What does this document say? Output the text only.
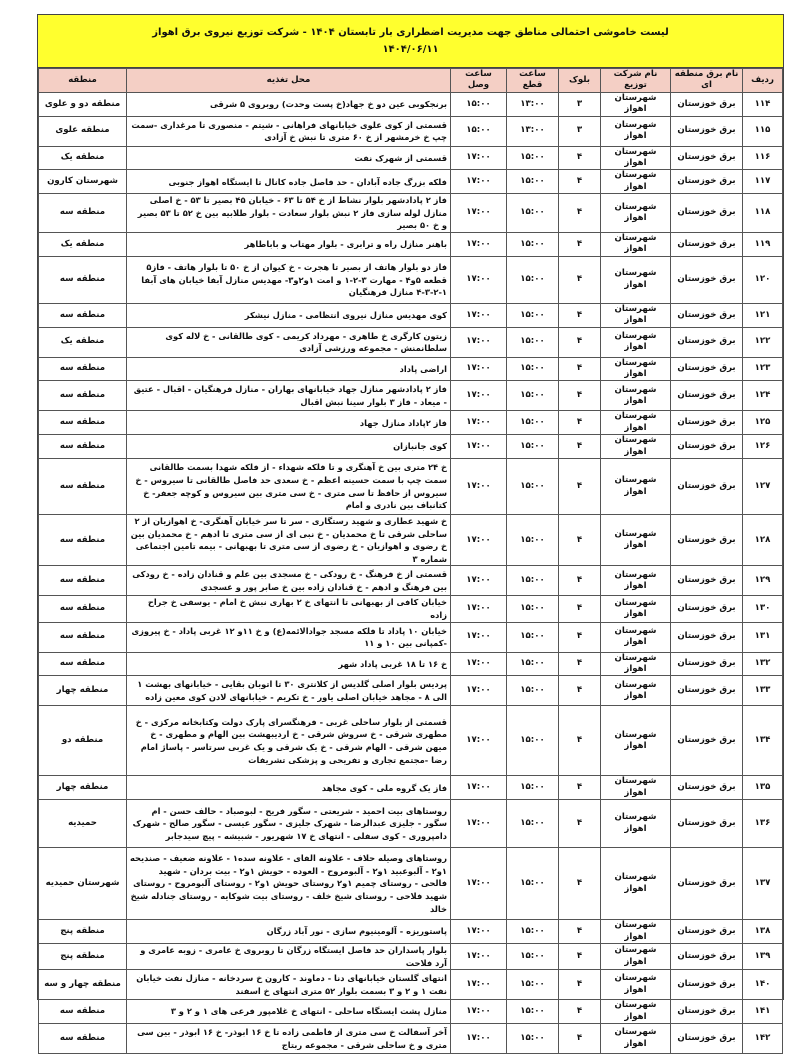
لیست خاموشی احتمالی مناطق جهت مدیریت اضطراری بار تابستان ۱۴۰۴ - شرکت توزیع نیروی برق اهواز
۱۴۰۴/۰۶/۱۱
ردیف	نام برق منطقه ای	نام شرکت توزیع	بلوک	ساعت قطع	ساعت وصل	محل تغذیه	منطقه
۱۱۴	برق خوزستان	شهرستان اهواز	۳	۱۳:۰۰	۱۵:۰۰	برنجکوبی عین دو خ جهاد(خ پست وحدت) روبروی ۵ شرقی	منطقه دو و علوی
۱۱۵	برق خوزستان	شهرستان اهواز	۳	۱۳:۰۰	۱۵:۰۰	قسمتی از کوی علوی خیابانهای فراهانی - شیتم - منصوری تا مرغداری -سمت چپ خ خرمشهر از خ ۶۰ متری تا نبش خ آزادی	منطقه علوی
۱۱۶	برق خوزستان	شهرستان اهواز	۴	۱۵:۰۰	۱۷:۰۰	قسمتی از شهرک نفت	منطقه یک
۱۱۷	برق خوزستان	شهرستان اهواز	۴	۱۵:۰۰	۱۷:۰۰	فلکه بزرگ جاده آبادان - حد فاصل جاده کانال تا ایستگاه اهواز جنوبی	شهرستان کارون
۱۱۸	برق خوزستان	شهرستان اهواز	۴	۱۵:۰۰	۱۷:۰۰	فاز ۲ پادادشهر بلوار نشاط از خ ۵۴ تا ۶۳ - خیابان ۴۵ بصیر تا ۵۳ - خ اصلی منازل لوله سازی فاز ۲ نبش بلوار سعادت - بلوار طلابیه بین خ ۵۲ تا ۵۳ بصیر و خ ۵۰ بصیر	منطقه سه
۱۱۹	برق خوزستان	شهرستان اهواز	۴	۱۵:۰۰	۱۷:۰۰	باهنر منازل راه و ترابری - بلوار مهتاب و باباطاهر	منطقه یک
۱۲۰	برق خوزستان	شهرستان اهواز	۴	۱۵:۰۰	۱۷:۰۰	فاز دو بلوار هاتف از بصیر تا هجرت - خ کیوان از خ ۵۰ تا بلوار هاتف - فاز۵ قطعه ۵و۴ - مهارت ۳-۲-۱ و امت ۱و۲و۳- مهدیس منازل آبفا خیابان های آبفا ۱-۲-۳-۴ منازل فرهنگیان	منطقه سه
۱۲۱	برق خوزستان	شهرستان اهواز	۴	۱۵:۰۰	۱۷:۰۰	کوی مهدیس منازل نیروی انتظامی - منازل نیشکر	منطقه سه
۱۲۲	برق خوزستان	شهرستان اهواز	۴	۱۵:۰۰	۱۷:۰۰	زیتون کارگری خ طاهری - مهرداد کریمی - کوی طالقانی - خ لاله کوی سلطانمنش - مجموعه ورزشی آزادی	منطقه یک
۱۲۳	برق خوزستان	شهرستان اهواز	۴	۱۵:۰۰	۱۷:۰۰	اراضی پاداد	منطقه سه
۱۲۴	برق خوزستان	شهرستان اهواز	۴	۱۵:۰۰	۱۷:۰۰	فاز ۲ پادادشهر منازل جهاد خیابانهای بهاران - منازل فرهنگیان - اقبال - عتیق - میعاد - فاز ۳ بلوار سینا نبش اقبال	منطقه سه
۱۲۵	برق خوزستان	شهرستان اهواز	۴	۱۵:۰۰	۱۷:۰۰	فاز ۲پاداد منازل جهاد	منطقه سه
۱۲۶	برق خوزستان	شهرستان اهواز	۴	۱۵:۰۰	۱۷:۰۰	کوی جانبازان	منطقه سه
۱۲۷	برق خوزستان	شهرستان اهواز	۴	۱۵:۰۰	۱۷:۰۰	خ ۲۴ متری بین خ آهنگری و تا فلکه شهداء - از فلکه شهدا بسمت طالقانی سمت چپ با سمت حسینه اعظم - خ سعدی حد فاصل طالقانی تا سیروس - خ سیروس از حافظ تا سی متری - خ سی متری بین سیروس و کوچه جعفر- خ کتانباف بین نادری و امام	منطقه سه
۱۲۸	برق خوزستان	شهرستان اهواز	۴	۱۵:۰۰	۱۷:۰۰	خ شهید عطاری و شهید رستگاری - سر تا سر خیابان آهنگری- خ اهوازیان از ۲ ساحلی شرقی تا خ محمدیان - خ نبی ای از سی متری تا ادهم - خ محمدیان بین خ رضوی و اهوازیان - خ رضوی از سی متری تا بهبهانی - بیمه تامین اجتماعی شماره ۳	منطقه سه
۱۲۹	برق خوزستان	شهرستان اهواز	۴	۱۵:۰۰	۱۷:۰۰	قسمتی از خ فرهنگ - خ رودکی - خ مسجدی بین علم و قنادان زاده - خ رودکی بین فرهنگ و ادهم - خ قنادان زاده بین خ صابر پور و عسجدی	منطقه سه
۱۳۰	برق خوزستان	شهرستان اهواز	۴	۱۵:۰۰	۱۷:۰۰	خیابان کافی از بهبهانی تا انتهای خ ۲ بهاری نبش خ امام - یوسفی خ جراح زاده	منطقه سه
۱۳۱	برق خوزستان	شهرستان اهواز	۴	۱۵:۰۰	۱۷:۰۰	خیابان ۱۰ پاداد تا فلکه مسجد جوادالائمه(ع) و خ ۱۱و ۱۲ غربی پاداد - خ پیروزی -کمپانی بین ۱۰ و ۱۱	منطقه سه
۱۳۲	برق خوزستان	شهرستان اهواز	۴	۱۵:۰۰	۱۷:۰۰	خ ۱۶ تا ۱۸ غربی پاداد شهر	منطقه سه
۱۳۳	برق خوزستان	شهرستان اهواز	۴	۱۵:۰۰	۱۷:۰۰	پردیس بلوار اصلی گلدیس از کلانتری ۳۰ تا اتوبان بقایی - خیابانهای بهشت ۱ الی ۸ - مجاهد خیابان اصلی یاور - خ تکریم - خیابانهای لادن کوی معین زاده	منطقه چهار
۱۳۴	برق خوزستان	شهرستان اهواز	۴	۱۵:۰۰	۱۷:۰۰	قسمتی از بلوار ساحلی غربی - فرهنگسرای پارک دولت وکتابخانه مرکزی - خ مطهری شرقی - خ سروش شرقی - خ اردیبهشت بین الهام و مطهری - خ میهن شرقی - الهام شرقی - خ یک شرقی و یک غربی سرتاسر - پاساژ امام رضا -مجتمع تجاری و تفریحی و پزشکی تشریفات	منطقه دو
۱۳۵	برق خوزستان	شهرستان اهواز	۴	۱۵:۰۰	۱۷:۰۰	فاز یک گروه ملی - کوی مجاهد	منطقه چهار
۱۳۶	برق خوزستان	شهرستان اهواز	۴	۱۵:۰۰	۱۷:۰۰	روستاهای بیت احمید - شریعتی - سگور فریح - لبوصباد - حالف حسن - ام سگور - جلیزی عبدالرضا - شهرک جلیزی - سگور عیسی - سگور صالح - شهرک دامپروری - کوی سفلی - انتهای خ ۱۷ شهریور - شبیشه - پیچ سیدجابر	حمیدیه
۱۳۷	برق خوزستان	شهرستان اهواز	۴	۱۵:۰۰	۱۷:۰۰	روستاهای وصیله حلاف - علاونه الفای - علاونه سده۱ - علاونه ضعیف - صندیحه ۱و۲ - آلبوعبید ۱و۲ - آلبومروح - العوده - حویش ۱و۲ - بیت بردان - شهید فالحی - روستای چمیم ۱و۲ روستای حویش ۱و۲ - روستای آلبومروح - روستای شهید فلاحی - روستای شیخ خلف - روستای بیت شوکایه - روستای جنادله شیخ خالد	شهرستان حمیدیه
۱۳۸	برق خوزستان	شهرستان اهواز	۴	۱۵:۰۰	۱۷:۰۰	پاستوریزه - آلومینیوم سازی - نور آباد زرگان	منطقه پنج
۱۳۹	برق خوزستان	شهرستان اهواز	۴	۱۵:۰۰	۱۷:۰۰	بلوار پاسداران حد فاصل ایستگاه زرگان تا روبروی خ عامری - زوبه عامری و آرد فلاحت	منطقه پنج
۱۴۰	برق خوزستان	شهرستان اهواز	۴	۱۵:۰۰	۱۷:۰۰	انتهای گلستان خیابانهای دنا - دماوند - کارون خ سردخانه - منازل نفت خیابان نفت ۱ و ۲ و ۳ بسمت بلوار ۵۲ متری انتهای خ اسفند	منطقه چهار و سه
۱۴۱	برق خوزستان	شهرستان اهواز	۴	۱۵:۰۰	۱۷:۰۰	منازل پشت ایستگاه ساحلی - انتهای خ غلامپور فرعی های ۱ و ۲ و ۳	منطقه سه
۱۴۲	برق خوزستان	شهرستان اهواز	۴	۱۵:۰۰	۱۷:۰۰	آخر آسفالت خ سی متری از فاطمی زاده تا خ ۱۶ ابوذر- خ ۱۶ ابوذر - بین سی متری و خ ساحلی شرقی - مجموعه ربتاج	منطقه سه
